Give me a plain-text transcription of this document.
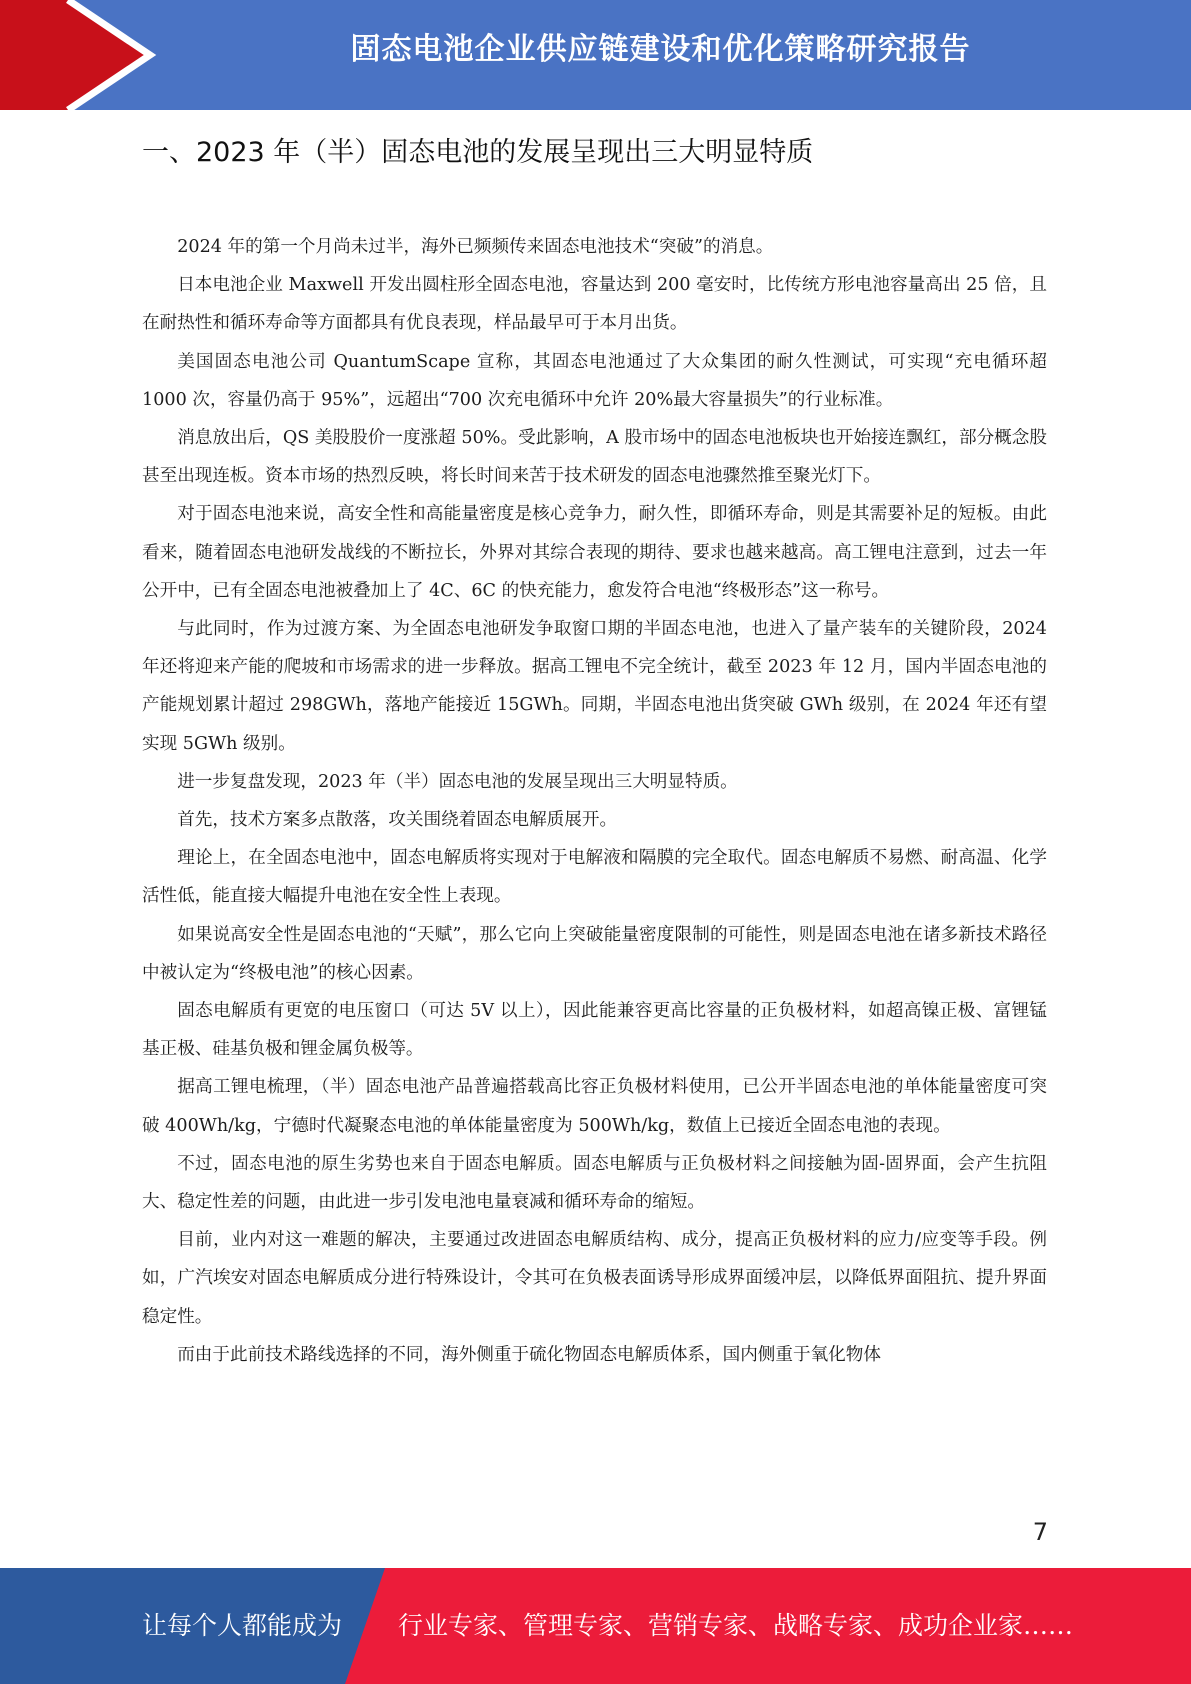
固态电池企业供应链建设和优化策略研究报告
一、2023 年（半）固态电池的发展呈现出三大明显特质

2024 年的第一个月尚未过半，海外已频频传来固态电池技术“突破”的消息。

日本电池企业 Maxwell 开发出圆柱形全固态电池，容量达到 200 毫安时，比传统方形电池容量高出 25 倍，且在耐热性和循环寿命等方面都具有优良表现，样品最早可于本月出货。

美国固态电池公司 QuantumScape 宣称，其固态电池通过了大众集团的耐久性测试，可实现“充电循环超 1000 次，容量仍高于 95%”，远超出“700 次充电循环中允许 20%最大容量损失”的行业标准。

消息放出后，QS 美股股价一度涨超 50%。受此影响，A 股市场中的固态电池板块也开始接连飘红，部分概念股甚至出现连板。资本市场的热烈反映，将长时间来苦于技术研发的固态电池骤然推至聚光灯下。

对于固态电池来说，高安全性和高能量密度是核心竞争力，耐久性，即循环寿命，则是其需要补足的短板。由此看来，随着固态电池研发战线的不断拉长，外界对其综合表现的期待、要求也越来越高。高工锂电注意到，过去一年公开中，已有全固态电池被叠加上了 4C、6C 的快充能力，愈发符合电池“终极形态”这一称号。

与此同时，作为过渡方案、为全固态电池研发争取窗口期的半固态电池，也进入了量产装车的关键阶段，2024 年还将迎来产能的爬坡和市场需求的进一步释放。据高工锂电不完全统计，截至 2023 年 12 月，国内半固态电池的产能规划累计超过 298GWh，落地产能接近 15GWh。同期，半固态电池出货突破 GWh 级别，在 2024 年还有望实现 5GWh 级别。

进一步复盘发现，2023 年（半）固态电池的发展呈现出三大明显特质。

首先，技术方案多点散落，攻关围绕着固态电解质展开。

理论上，在全固态电池中，固态电解质将实现对于电解液和隔膜的完全取代。固态电解质不易燃、耐高温、化学活性低，能直接大幅提升电池在安全性上表现。

如果说高安全性是固态电池的“天赋”，那么它向上突破能量密度限制的可能性，则是固态电池在诸多新技术路径中被认定为“终极电池”的核心因素。

固态电解质有更宽的电压窗口（可达 5V 以上），因此能兼容更高比容量的正负极材料，如超高镍正极、富锂锰基正极、硅基负极和锂金属负极等。

据高工锂电梳理，（半）固态电池产品普遍搭载高比容正负极材料使用，已公开半固态电池的单体能量密度可突破 400Wh/kg，宁德时代凝聚态电池的单体能量密度为 500Wh/kg，数值上已接近全固态电池的表现。

不过，固态电池的原生劣势也来自于固态电解质。固态电解质与正负极材料之间接触为固-固界面，会产生抗阻大、稳定性差的问题，由此进一步引发电池电量衰减和循环寿命的缩短。

目前，业内对这一难题的解决，主要通过改进固态电解质结构、成分，提高正负极材料的应力/应变等手段。例如，广汽埃安对固态电解质成分进行特殊设计，令其可在负极表面诱导形成界面缓冲层，以降低界面阻抗、提升界面稳定性。

而由于此前技术路线选择的不同，海外侧重于硫化物固态电解质体系，国内侧重于氧化物体

7
让每个人都能成为 行业专家、管理专家、营销专家、战略专家、成功企业家……
